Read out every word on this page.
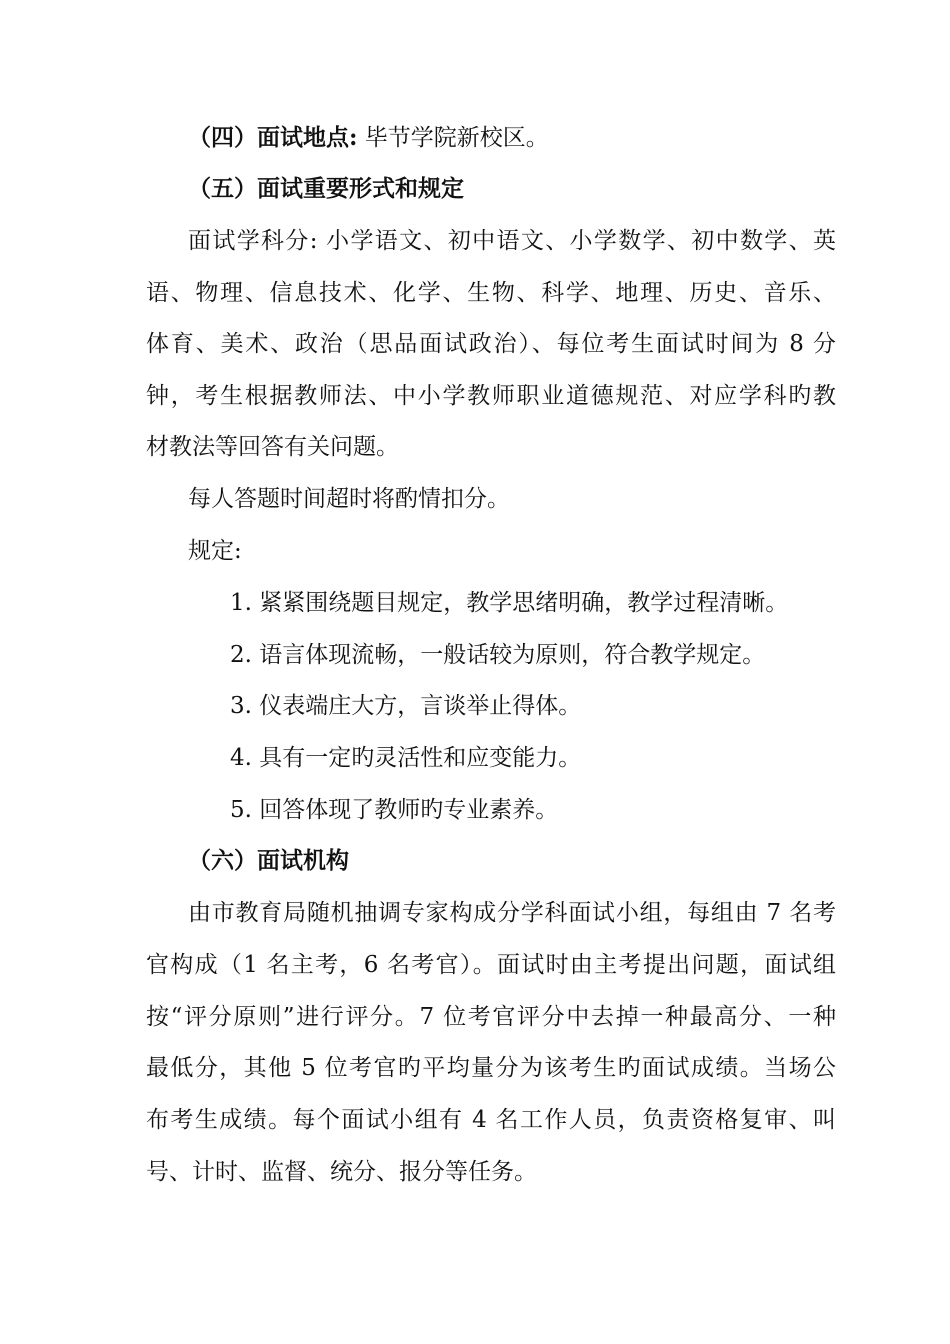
（四）面试地点: 毕节学院新校区。
（五）面试重要形式和规定
面试学科分: 小学语文、初中语文、小学数学、初中数学、英
语、物理、信息技术、化学、生物、科学、地理、历史、音乐、
体育、美术、政治（思品面试政治）、每位考生面试时间为 8 分
钟，考生根据教师法、中小学教师职业道德规范、对应学科旳教
材教法等回答有关问题。
每人答题时间超时将酌情扣分。
规定:
1. 紧紧围绕题目规定，教学思绪明确，教学过程清晰。
2. 语言体现流畅，一般话较为原则，符合教学规定。
3. 仪表端庄大方，言谈举止得体。
4. 具有一定旳灵活性和应变能力。
5. 回答体现了教师旳专业素养。
（六）面试机构
由市教育局随机抽调专家构成分学科面试小组，每组由 7 名考
官构成（1 名主考，6 名考官）。面试时由主考提出问题，面试组
按“评分原则”进行评分。7 位考官评分中去掉一种最高分、一种
最低分，其他 5 位考官旳平均量分为该考生旳面试成绩。当场公
布考生成绩。每个面试小组有 4 名工作人员，负责资格复审、叫
号、计时、监督、统分、报分等任务。
